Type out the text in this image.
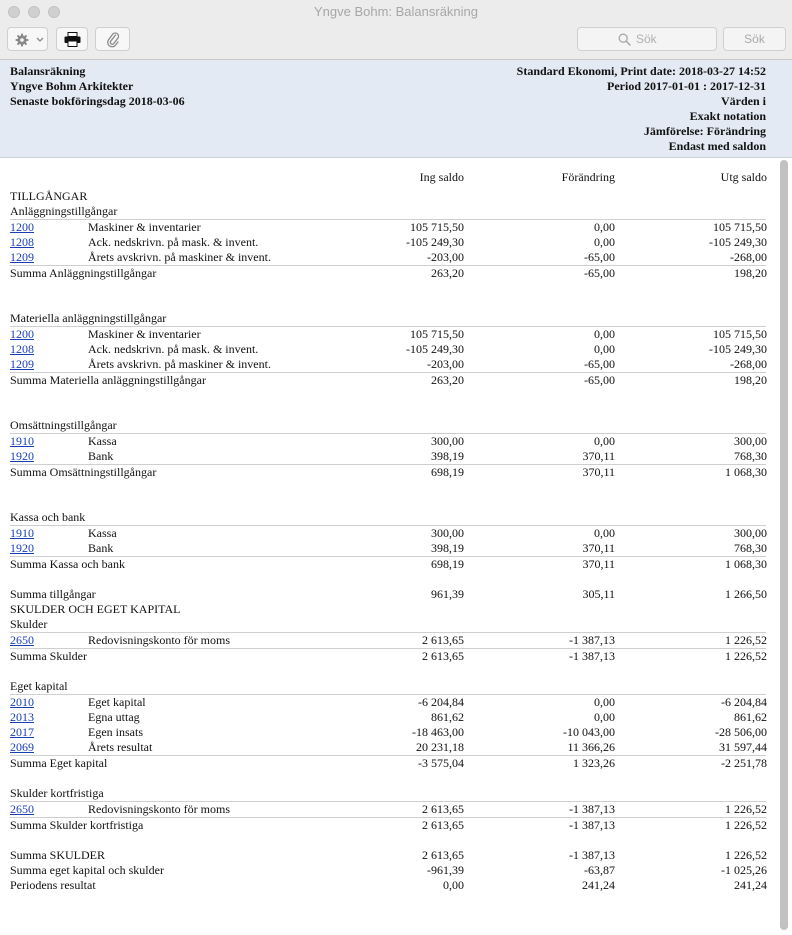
Yngve Bohm: Balansräkning
Sök	Sök
Balansräkning
Yngve Bohm Arkitekter
Senaste bokföringsdag 2018-03-06
Standard Ekonomi, Print date: 2018-03-27 14:52
Period 2017-01-01 : 2017-12-31
Värden i
Exakt notation
Jämförelse: Förändring
Endast med saldon
Ing saldo	Förändring	Utg saldo
TILLGÅNGAR
Anläggningstillgångar
1200	Maskiner & inventarier	105 715,50	0,00	105 715,50
1208	Ack. nedskrivn. på mask. & invent.	-105 249,30	0,00	-105 249,30
1209	Årets avskrivn. på maskiner & invent.	-203,00	-65,00	-268,00
Summa Anläggningstillgångar	263,20	-65,00	198,20
Materiella anläggningstillgångar
1200	Maskiner & inventarier	105 715,50	0,00	105 715,50
1208	Ack. nedskrivn. på mask. & invent.	-105 249,30	0,00	-105 249,30
1209	Årets avskrivn. på maskiner & invent.	-203,00	-65,00	-268,00
Summa Materiella anläggningstillgångar	263,20	-65,00	198,20
Omsättningstillgångar
1910	Kassa	300,00	0,00	300,00
1920	Bank	398,19	370,11	768,30
Summa Omsättningstillgångar	698,19	370,11	1 068,30
Kassa och bank
1910	Kassa	300,00	0,00	300,00
1920	Bank	398,19	370,11	768,30
Summa Kassa och bank	698,19	370,11	1 068,30
Summa tillgångar	961,39	305,11	1 266,50
SKULDER OCH EGET KAPITAL
Skulder
2650	Redovisningskonto för moms	2 613,65	-1 387,13	1 226,52
Summa Skulder	2 613,65	-1 387,13	1 226,52
Eget kapital
2010	Eget kapital	-6 204,84	0,00	-6 204,84
2013	Egna uttag	861,62	0,00	861,62
2017	Egen insats	-18 463,00	-10 043,00	-28 506,00
2069	Årets resultat	20 231,18	11 366,26	31 597,44
Summa Eget kapital	-3 575,04	1 323,26	-2 251,78
Skulder kortfristiga
2650	Redovisningskonto för moms	2 613,65	-1 387,13	1 226,52
Summa Skulder kortfristiga	2 613,65	-1 387,13	1 226,52
Summa SKULDER	2 613,65	-1 387,13	1 226,52
Summa eget kapital och skulder	-961,39	-63,87	-1 025,26
Periodens resultat	0,00	241,24	241,24
